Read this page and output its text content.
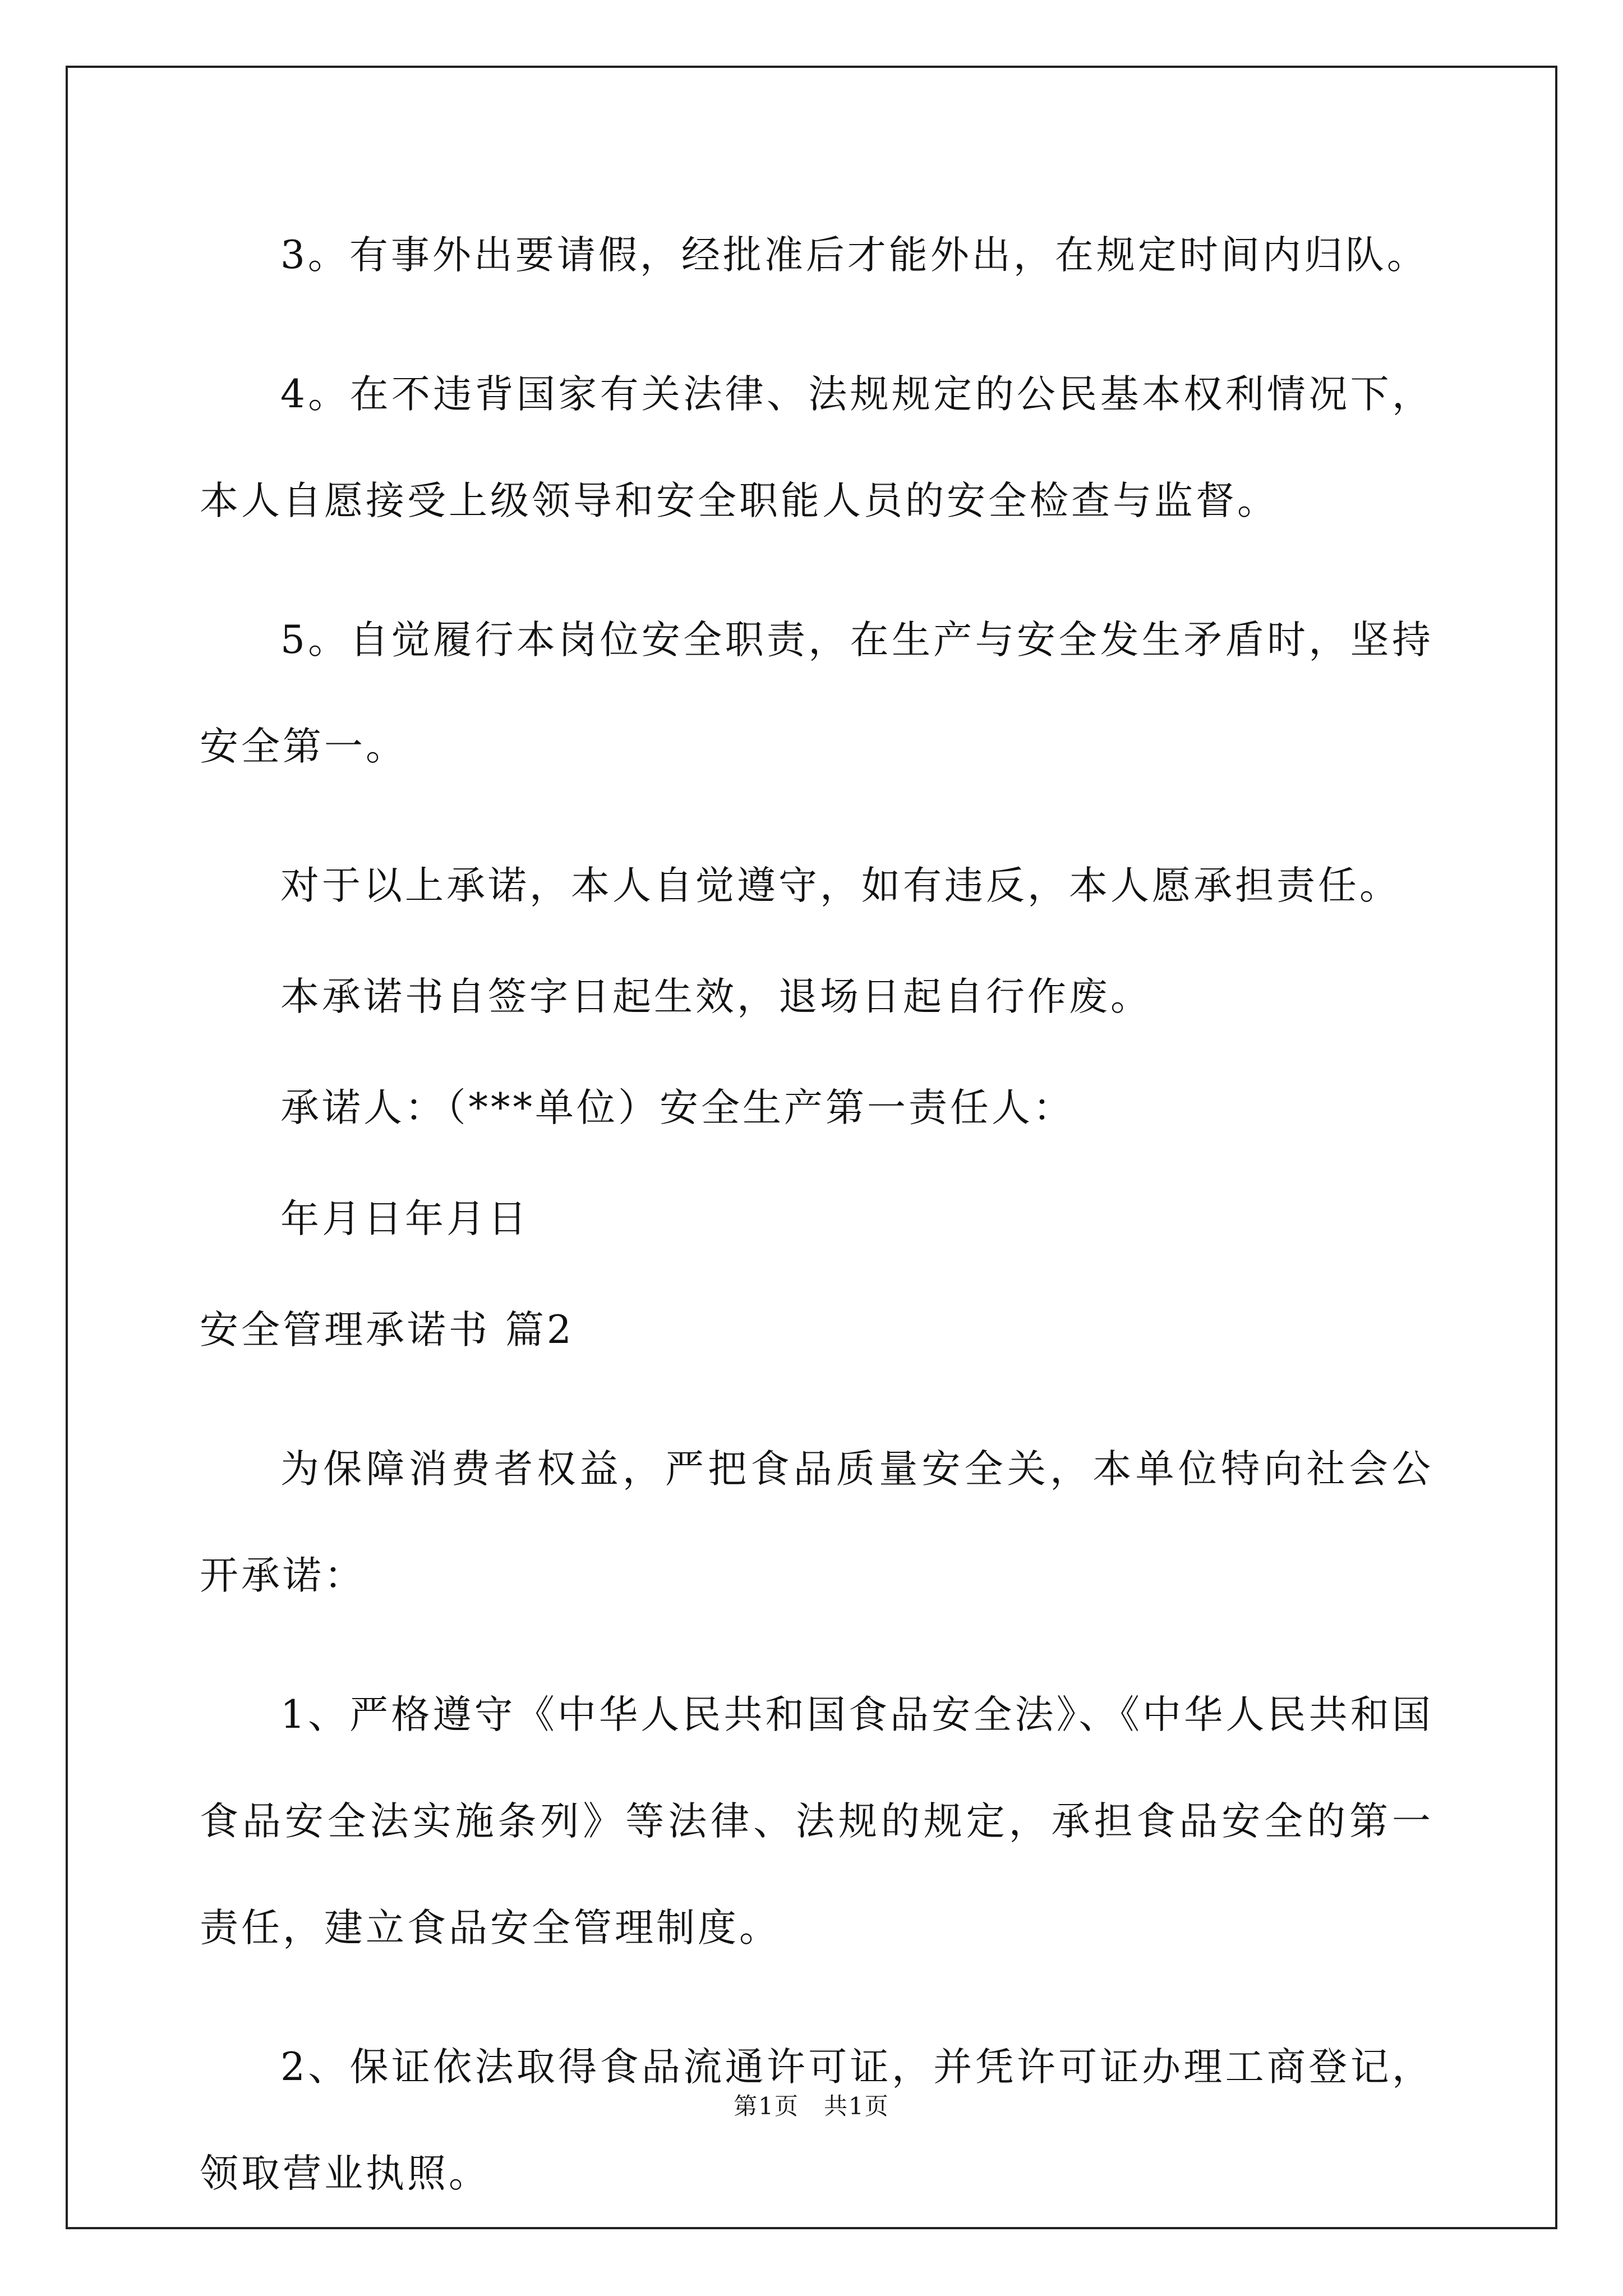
3。有事外出要请假，经批准后才能外出，在规定时间内归队。

4。在不违背国家有关法律、法规规定的公民基本权利情况下，本人自愿接受上级领导和安全职能人员的安全检查与监督。

5。自觉履行本岗位安全职责，在生产与安全发生矛盾时，坚持安全第一。

对于以上承诺，本人自觉遵守，如有违反，本人愿承担责任。

本承诺书自签字日起生效，退场日起自行作废。

承诺人：（***单位）安全生产第一责任人：

年月日年月日

安全管理承诺书 篇2

为保障消费者权益，严把食品质量安全关，本单位特向社会公开承诺：

1、严格遵守《中华人民共和国食品安全法》、《中华人民共和国食品安全法实施条列》等法律、法规的规定，承担食品安全的第一责任，建立食品安全管理制度。

2、保证依法取得食品流通许可证，并凭许可证办理工商登记，领取营业执照。

第1页　共1页
